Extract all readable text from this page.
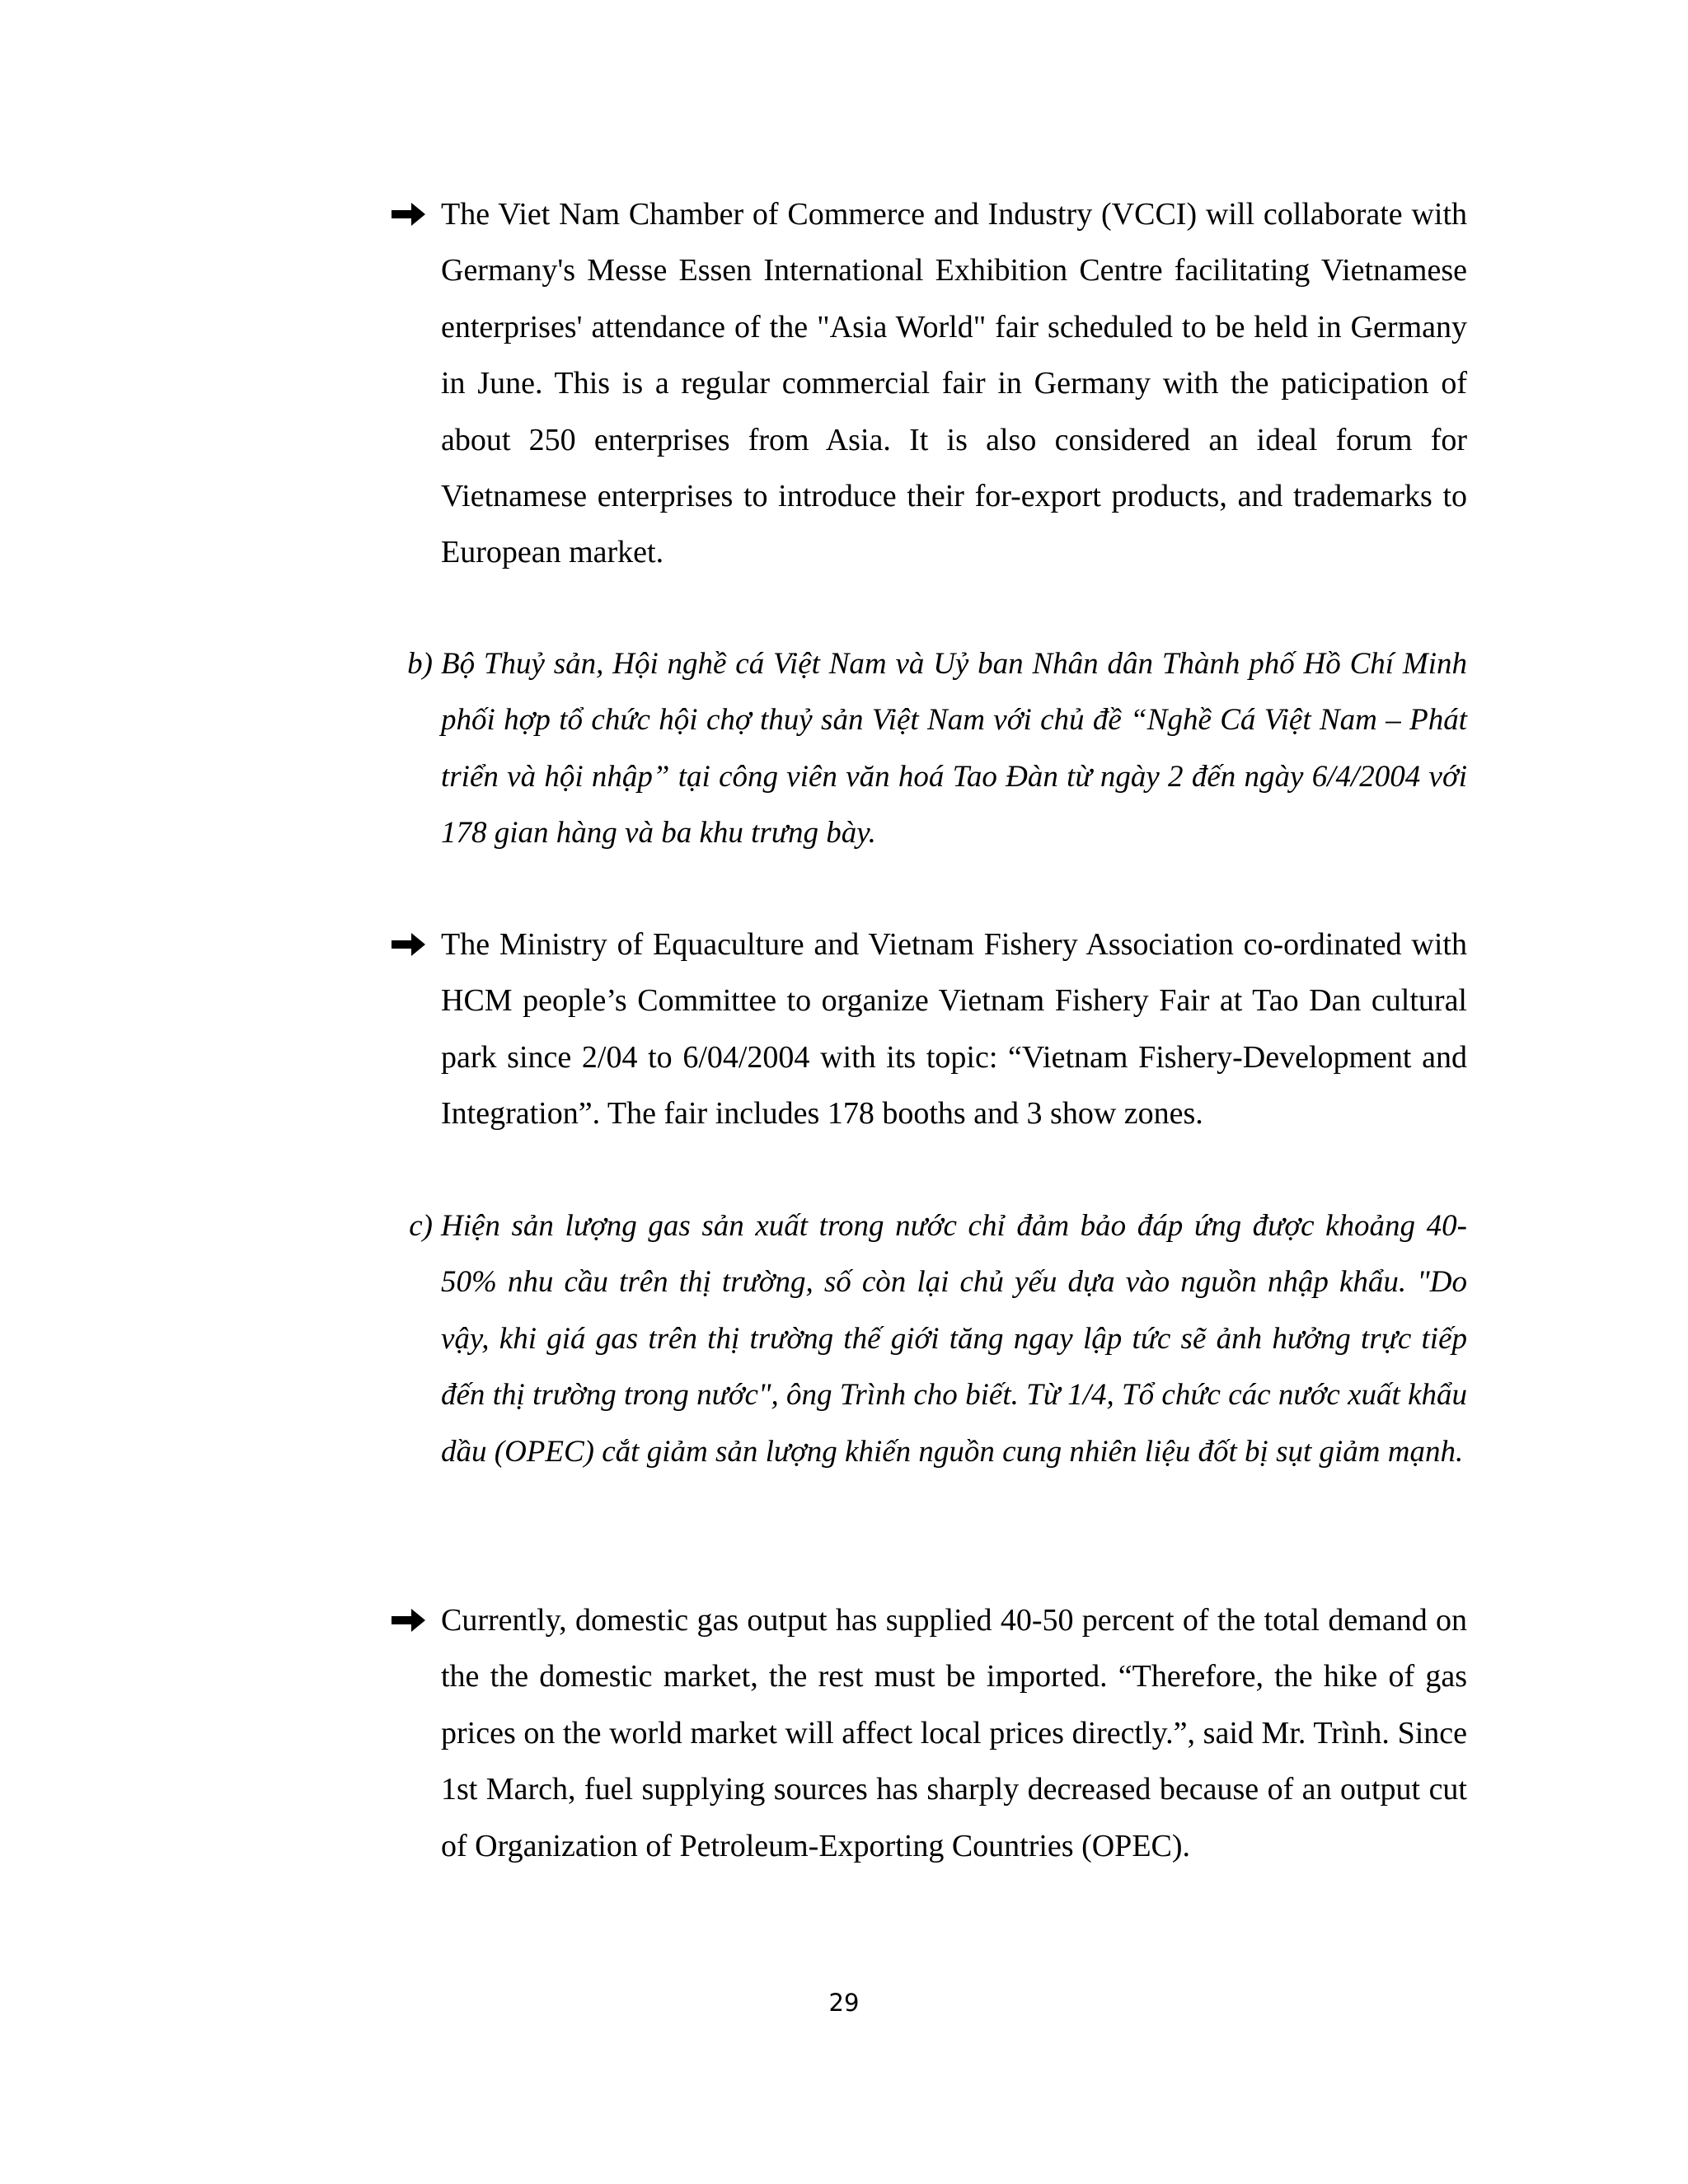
The Viet Nam Chamber of Commerce and Industry (VCCI) will collaborate with Germany's Messe Essen International Exhibition Centre facilitating Vietnamese enterprises' attendance of the "Asia World" fair scheduled to be held in Germany in June. This is a regular commercial fair in Germany with the paticipation of about 250 enterprises from Asia. It is also considered an ideal forum for Vietnamese enterprises to introduce their for-export products, and trademarks to European market.

b) Bộ Thuỷ sản, Hội nghề cá Việt Nam và Uỷ ban Nhân dân Thành phố Hồ Chí Minh phối hợp tổ chức hội chợ thuỷ sản Việt Nam với chủ đề “Nghề Cá Việt Nam – Phát triển và hội nhập” tại công viên văn hoá Tao Đàn từ ngày 2 đến ngày 6/4/2004 với 178 gian hàng và ba khu trưng bày.

The Ministry of Equaculture and Vietnam Fishery Association co-ordinated with HCM people’s Committee to organize Vietnam Fishery Fair at Tao Dan cultural park since 2/04 to 6/04/2004 with its topic: “Vietnam Fishery-Development and Integration”. The fair includes 178 booths and 3 show zones.

c) Hiện sản lượng gas sản xuất trong nước chỉ đảm bảo đáp ứng được khoảng 40- 50% nhu cầu trên thị trường, số còn lại chủ yếu dựa vào nguồn nhập khẩu. "Do vậy, khi giá gas trên thị trường thế giới tăng ngay lập tức sẽ ảnh hưởng trực tiếp đến thị trường trong nước", ông Trình cho biết. Từ 1/4, Tổ chức các nước xuất khẩu dầu (OPEC) cắt giảm sản lượng khiến nguồn cung nhiên liệu đốt bị sụt giảm mạnh.

Currently, domestic gas output has supplied 40-50 percent of the total demand on the the domestic market, the rest must be imported. “Therefore, the hike of gas prices on the world market will affect local prices directly.”, said Mr. Trình. Since 1st March, fuel supplying sources has sharply decreased because of an output cut of Organization of Petroleum-Exporting Countries (OPEC).

29
